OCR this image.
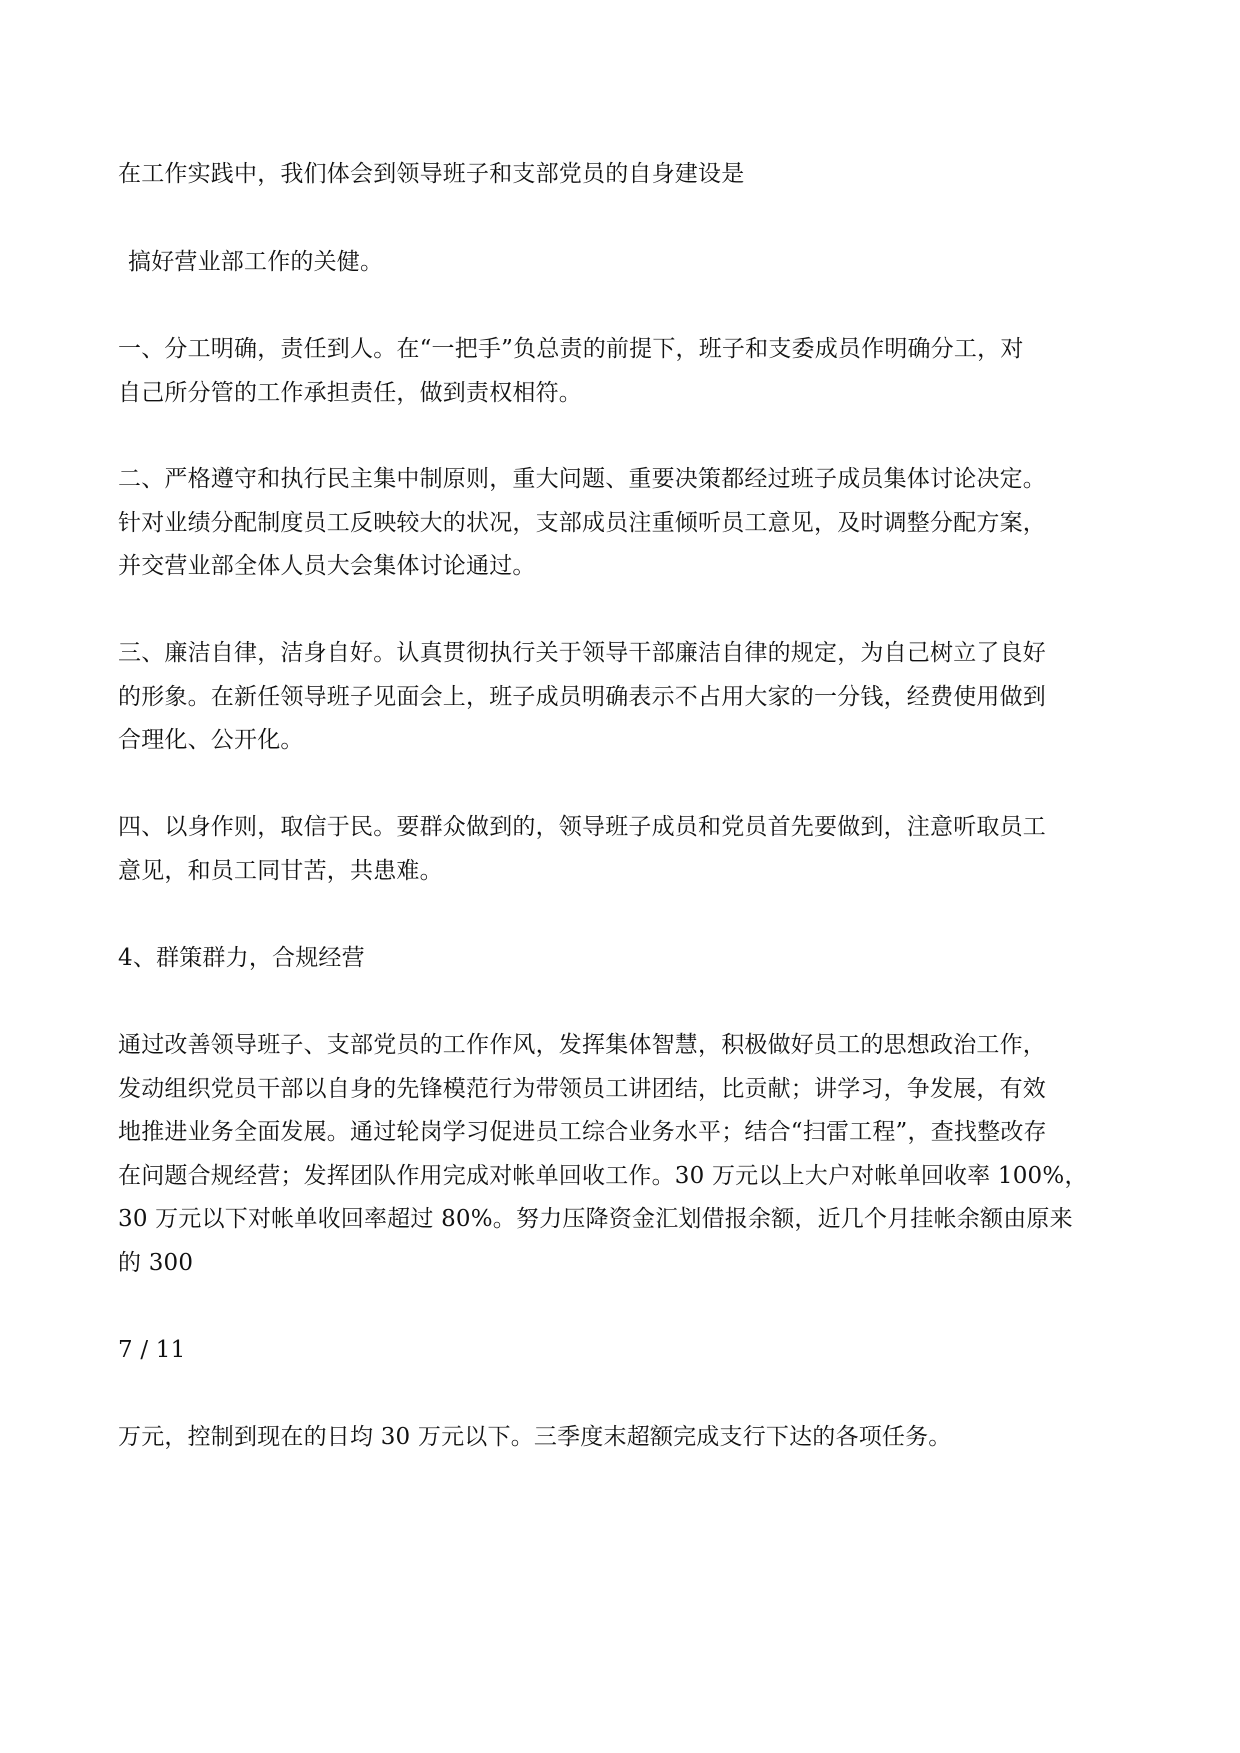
在工作实践中，我们体会到领导班子和支部党员的自身建设是
搞好营业部工作的关健。
一、分工明确，责任到人。在“一把手”负总责的前提下，班子和支委成员作明确分工，对
自己所分管的工作承担责任，做到责权相符。
二、严格遵守和执行民主集中制原则，重大问题、重要决策都经过班子成员集体讨论决定。
针对业绩分配制度员工反映较大的状况，支部成员注重倾听员工意见，及时调整分配方案，
并交营业部全体人员大会集体讨论通过。
三、廉洁自律，洁身自好。认真贯彻执行关于领导干部廉洁自律的规定，为自己树立了良好
的形象。在新任领导班子见面会上，班子成员明确表示不占用大家的一分钱，经费使用做到
合理化、公开化。
四、以身作则，取信于民。要群众做到的，领导班子成员和党员首先要做到，注意听取员工
意见，和员工同甘苦，共患难。
4、群策群力，合规经营
通过改善领导班子、支部党员的工作作风，发挥集体智慧，积极做好员工的思想政治工作，
发动组织党员干部以自身的先锋模范行为带领员工讲团结，比贡献；讲学习，争发展，有效
地推进业务全面发展。通过轮岗学习促进员工综合业务水平；结合“扫雷工程”，查找整改存
在问题合规经营；发挥团队作用完成对帐单回收工作。30 万元以上大户对帐单回收率 100%，
30 万元以下对帐单收回率超过 80%。努力压降资金汇划借报余额，近几个月挂帐余额由原来
的 300
7 / 11
万元，控制到现在的日均 30 万元以下。三季度末超额完成支行下达的各项任务。
